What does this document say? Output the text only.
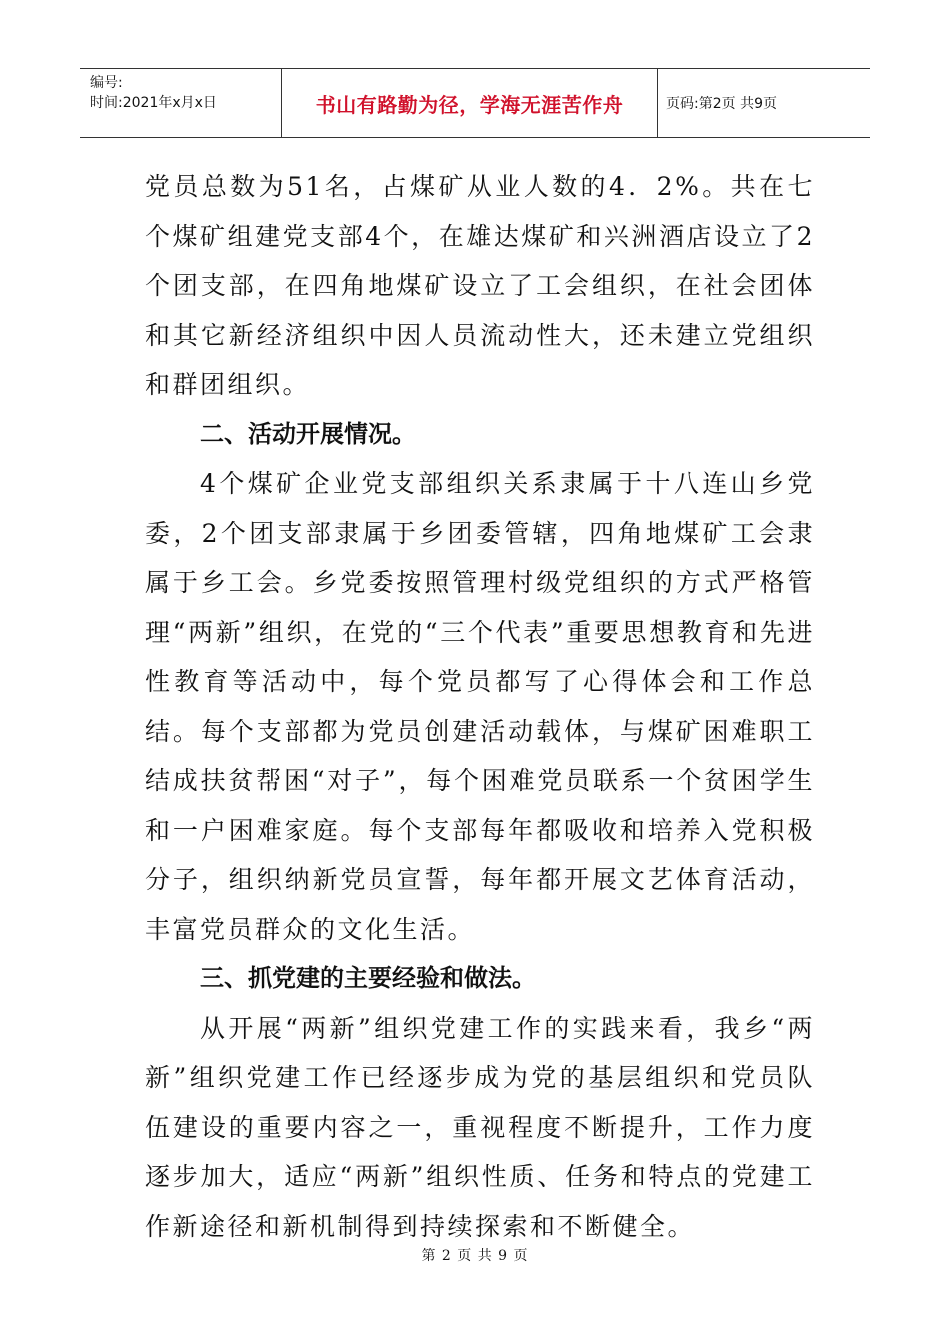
编号:
时间:2021年x月x日	书山有路勤为径，学海无涯苦作舟	页码:第2页 共9页

党员总数为51名，占煤矿从业人数的4．2%。共在七个煤矿组建党支部4个，在雄达煤矿和兴洲酒店设立了2个团支部，在四角地煤矿设立了工会组织，在社会团体和其它新经济组织中因人员流动性大，还未建立党组织和群团组织。

二、活动开展情况。

4个煤矿企业党支部组织关系隶属于十八连山乡党委，2个团支部隶属于乡团委管辖，四角地煤矿工会隶属于乡工会。乡党委按照管理村级党组织的方式严格管理“两新”组织，在党的“三个代表”重要思想教育和先进性教育等活动中，每个党员都写了心得体会和工作总结。每个支部都为党员创建活动载体，与煤矿困难职工结成扶贫帮困“对子”，每个困难党员联系一个贫困学生和一户困难家庭。每个支部每年都吸收和培养入党积极分子，组织纳新党员宣誓，每年都开展文艺体育活动，丰富党员群众的文化生活。

三、抓党建的主要经验和做法。

从开展“两新”组织党建工作的实践来看，我乡“两新”组织党建工作已经逐步成为党的基层组织和党员队伍建设的重要内容之一，重视程度不断提升，工作力度逐步加大，适应“两新”组织性质、任务和特点的党建工作新途径和新机制得到持续探索和不断健全。

第 2 页 共 9 页
